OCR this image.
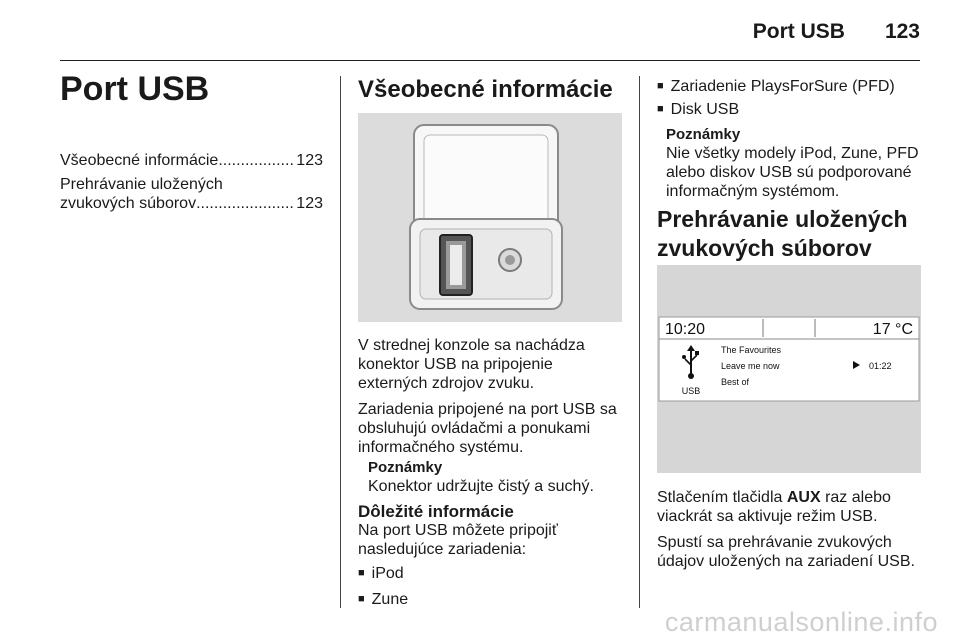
Port USB 123
Port USB
Všeobecné informácie .....	123
Prehrávanie uložených
zvukových súborov .....	123
Všeobecné informácie

V strednej konzole sa nachádza

konektor USB na pripojenie

externých zdrojov zvuku.

Zariadenia pripojené na port USB sa

obsluhujú ovládačmi a ponukami

informačného systému.

Poznámky

Konektor udržujte čistý a suchý.

Dôležité informácie

Na port USB môžete pripojiť

nasledujúce zariadenia:

■ iPod
■ Zune
■ Zariadenie PlaysForSure (PFD)
■ Disk USB
Poznámky

Nie všetky modely iPod, Zune, PFD

alebo diskov USB sú podporované

informačným systémom.

Prehrávanie uložených
zvukových súborov
10:20	17 °C
USB
The Favourites
Leave me now
Best of
01:22

Stlačením tlačidla AUX raz alebo

viackrát sa aktivuje režim USB.

Spustí sa prehrávanie zvukových

údajov uložených na zariadení USB.

carmanualsonline.info
